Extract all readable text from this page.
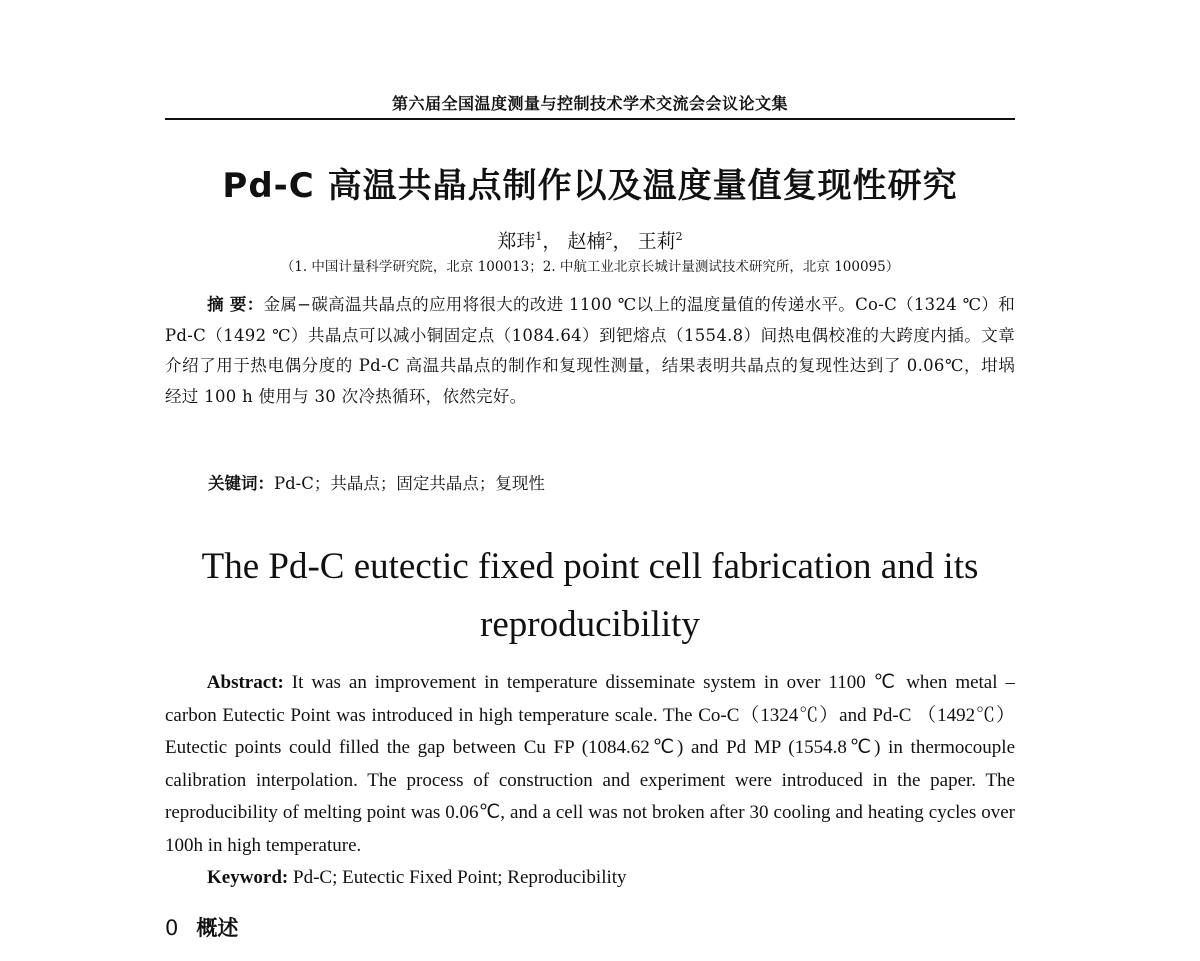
第六届全国温度测量与控制技术学术交流会会议论文集
Pd-C 高温共晶点制作以及温度量值复现性研究
郑玮$^1$， 赵楠$^2$， 王莉$^2$
（1. 中国计量科学研究院，北京 100013；2. 中航工业北京长城计量测试技术研究所，北京 100095）
摘 要：金属−碳高温共晶点的应用将很大的改进 1100 ℃以上的温度量值的传递水平。Co-C（1324 ℃）和 Pd-C（1492 ℃）共晶点可以减小铜固定点（1084.64）到钯熔点（1554.8）间热电偶校准的大跨度内插。文章介绍了用于热电偶分度的 Pd-C 高温共晶点的制作和复现性测量，结果表明共晶点的复现性达到了 0.06℃，坩埚经过 100 h 使用与 30 次冷热循环，依然完好。
关键词：Pd-C；共晶点；固定共晶点；复现性
The Pd-C eutectic fixed point cell fabrication and its
reproducibility
Abstract: It was an improvement in temperature disseminate system in over 1100 ℃ when metal –carbon Eutectic Point was introduced in high temperature scale. The Co-C（1324℃）and Pd-C （1492℃）Eutectic points could filled the gap between Cu FP (1084.62℃) and Pd MP (1554.8℃) in thermocouple calibration interpolation. The process of construction and experiment were introduced in the paper. The reproducibility of melting point was 0.06℃, and a cell was not broken after 30 cooling and heating cycles over 100h in high temperature.
Keyword: Pd-C; Eutectic Fixed Point; Reproducibility
0 概述
